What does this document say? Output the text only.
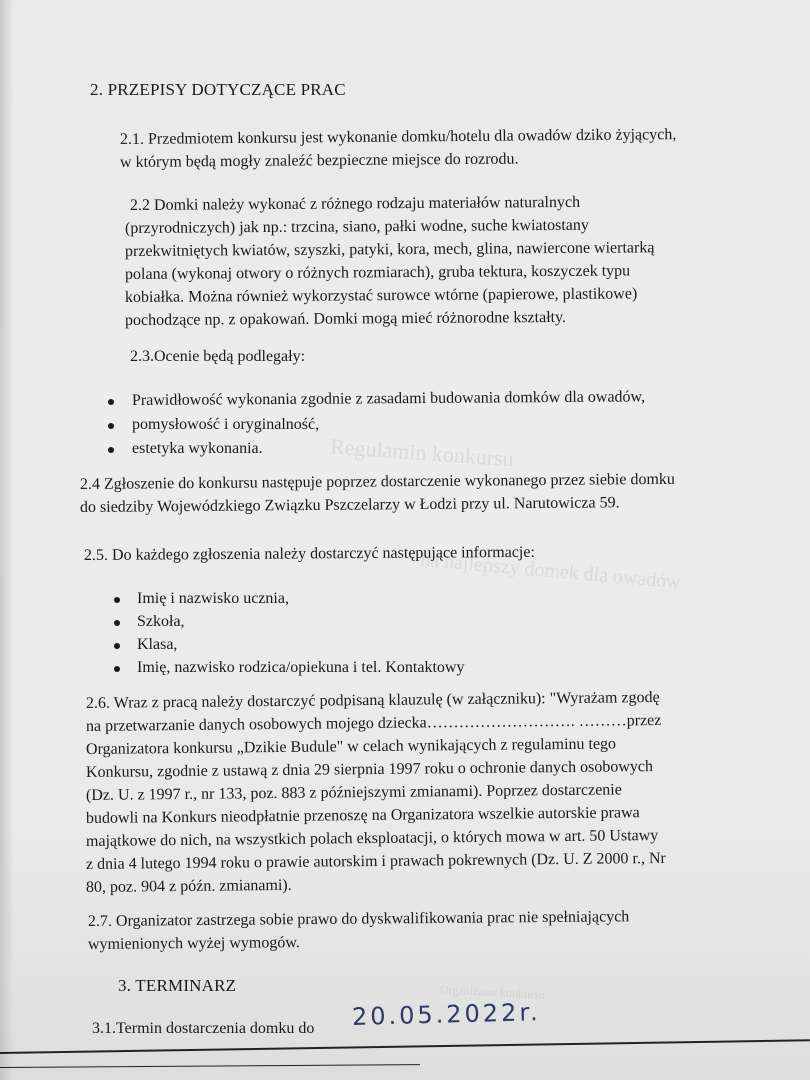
Regulamin konkursu
na najlepszy domek dla owadów
Organizator konkursu
2. PRZEPISY DOTYCZĄCE PRAC
2.1. Przedmiotem konkursu jest wykonanie domku/hotelu dla owadów dziko żyjących,
w którym będą mogły znaleźć bezpieczne miejsce do rozrodu.
2.2 Domki należy wykonać z różnego rodzaju materiałów naturalnych
(przyrodniczych) jak np.: trzcina, siano, pałki wodne, suche kwiatostany
przekwitniętych kwiatów, szyszki, patyki, kora, mech, glina, nawiercone wiertarką
polana (wykonaj otwory o różnych rozmiarach), gruba tektura, koszyczek typu
kobiałka. Można również wykorzystać surowce wtórne (papierowe, plastikowe)
pochodzące np. z opakowań. Domki mogą mieć różnorodne kształty.
2.3.Ocenie będą podlegały:
Prawidłowość wykonania zgodnie z zasadami budowania domków dla owadów,
pomysłowość i oryginalność,
estetyka wykonania.
2.4 Zgłoszenie do konkursu następuje poprzez dostarczenie wykonanego przez siebie domku
do siedziby Wojewódzkiego Związku Pszczelarzy w Łodzi przy ul. Narutowicza 59.
2.5. Do każdego zgłoszenia należy dostarczyć następujące informacje:
Imię i nazwisko ucznia,
Szkoła,
Klasa,
Imię, nazwisko rodzica/opiekuna i tel. Kontaktowy
2.6. Wraz z pracą należy dostarczyć podpisaną klauzulę (w załączniku): "Wyrażam zgodę
na przetwarzanie danych osobowych mojego dziecka………………………. ………przez
Organizatora konkursu „Dzikie Budule" w celach wynikających z regulaminu tego
Konkursu, zgodnie z ustawą z dnia 29 sierpnia 1997 roku o ochronie danych osobowych
(Dz. U. z 1997 r., nr 133, poz. 883 z późniejszymi zmianami). Poprzez dostarczenie
budowli na Konkurs nieodpłatnie przenoszę na Organizatora wszelkie autorskie prawa
majątkowe do nich, na wszystkich polach eksploatacji, o których mowa w art. 50 Ustawy
z dnia 4 lutego 1994 roku o prawie autorskim i prawach pokrewnych (Dz. U. Z 2000 r., Nr
80, poz. 904 z późn. zmianami).
2.7. Organizator zastrzega sobie prawo do dyskwalifikowania prac nie spełniających
wymienionych wyżej wymogów.
3. TERMINARZ
3.1.Termin dostarczenia domku do 20.05.2022r.
